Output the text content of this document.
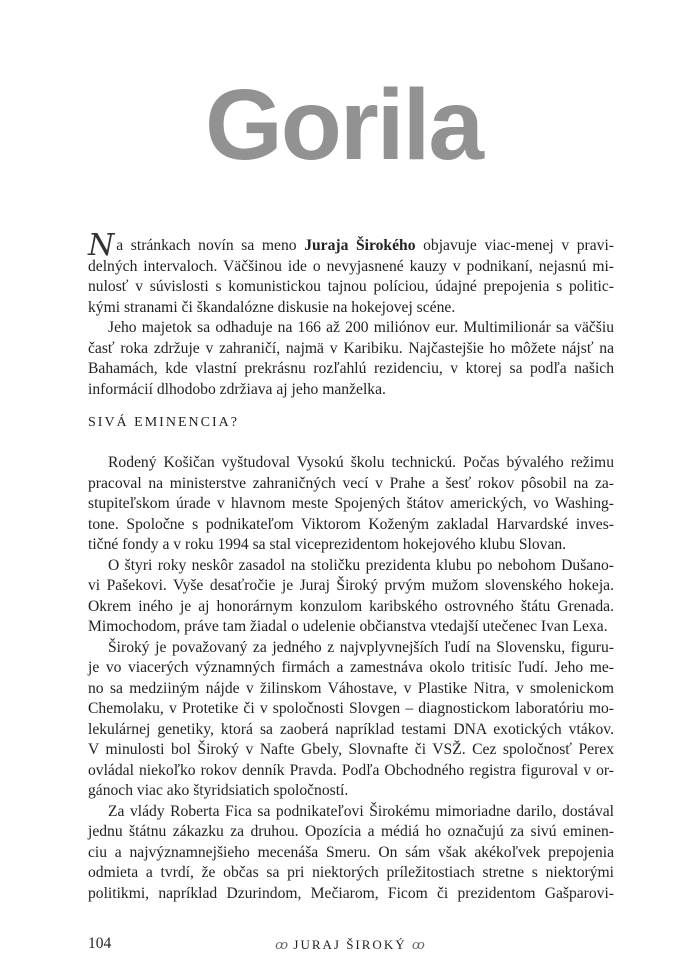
Gorila
Na stránkach novín sa meno Juraja Širokého objavuje viac-menej v pravi-
delných intervaloch. Väčšinou ide o nevyjasnené kauzy v podnikaní, nejasnú mi-
nulosť v súvislosti s komunistickou tajnou políciou, údajné prepojenia s politic-
kými stranami či škandalózne diskusie na hokejovej scéne.
Jeho majetok sa odhaduje na 166 až 200 miliónov eur. Multimilionár sa väčšiu
časť roka zdržuje v zahraničí, najmä v Karibiku. Najčastejšie ho môžete nájsť na
Bahamách, kde vlastní prekrásnu rozľahlú rezidenciu, v ktorej sa podľa našich
informácií dlhodobo zdržiava aj jeho manželka.
SIVÁ EMINENCIA?
Rodený Košičan vyštudoval Vysokú školu technickú. Počas bývalého režimu
pracoval na ministerstve zahraničných vecí v Prahe a šesť rokov pôsobil na za-
stupiteľskom úrade v hlavnom meste Spojených štátov amerických, vo Washing-
tone. Spoločne s podnikateľom Viktorom Koženým zakladal Harvardské inves-
tičné fondy a v roku 1994 sa stal viceprezidentom hokejového klubu Slovan.
O štyri roky neskôr zasadol na stoličku prezidenta klubu po nebohom Dušano-
vi Pašekovi. Vyše desaťročie je Juraj Široký prvým mužom slovenského hokeja.
Okrem iného je aj honorárnym konzulom karibského ostrovného štátu Grenada.
Mimochodom, práve tam žiadal o udelenie občianstva vtedajší utečenec Ivan Lexa.
Široký je považovaný za jedného z najvplyvnejších ľudí na Slovensku, figuru-
je vo viacerých významných firmách a zamestnáva okolo tritisíc ľudí. Jeho me-
no sa medziiným nájde v žilinskom Váhostave, v Plastike Nitra, v smolenickom
Chemolaku, v Protetike či v spoločnosti Slovgen – diagnostickom laboratóriu mo-
lekulárnej genetiky, ktorá sa zaoberá napríklad testami DNA exotických vtákov.
V minulosti bol Široký v Nafte Gbely, Slovnafte či VSŽ. Cez spoločnosť Perex
ovládal niekoľko rokov denník Pravda. Podľa Obchodného registra figuroval v or-
gánoch viac ako štyridsiatich spoločností.
Za vlády Roberta Fica sa podnikateľovi Širokému mimoriadne darilo, dostával
jednu štátnu zákazku za druhou. Opozícia a médiá ho označujú za sivú eminen-
ciu a najvýznamnejšieho mecenáša Smeru. On sám však akékoľvek prepojenia
odmieta a tvrdí, že občas sa pri niektorých príležitostiach stretne s niektorými
politikmi, napríklad Dzurindom, Mečiarom, Ficom či prezidentom Gašparovi-
104	ꝏ JURAJ ŠIROKÝ ꝏ
